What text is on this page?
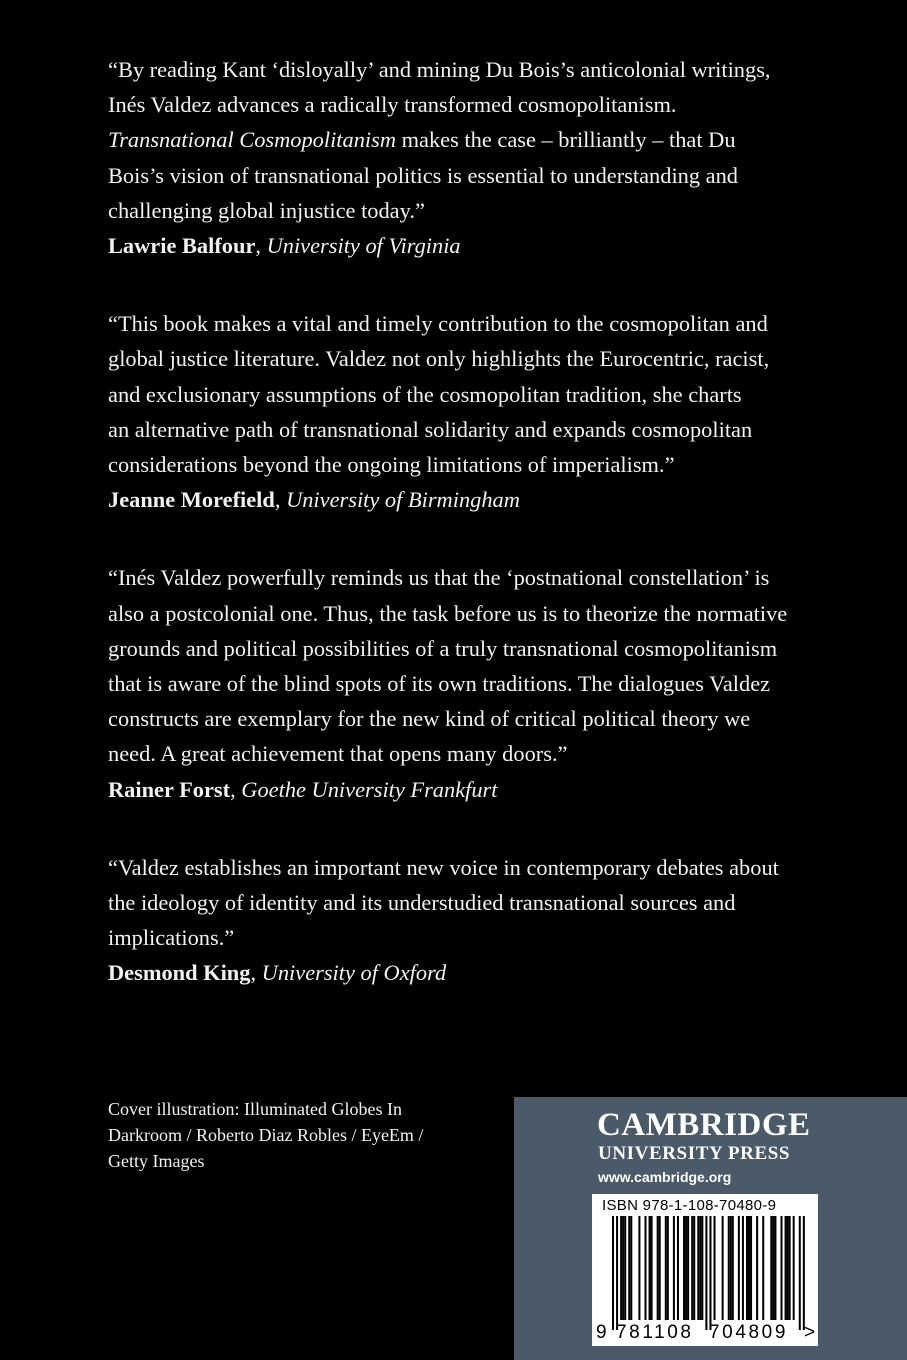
“By reading Kant ‘disloyally’ and mining Du Bois’s anticolonial writings,

Inés Valdez advances a radically transformed cosmopolitanism.

Transnational Cosmopolitanism makes the case – brilliantly – that Du

Bois’s vision of transnational politics is essential to understanding and

challenging global injustice today.”

Lawrie Balfour, University of Virginia

“This book makes a vital and timely contribution to the cosmopolitan and

global justice literature. Valdez not only highlights the Eurocentric, racist,

and exclusionary assumptions of the cosmopolitan tradition, she charts

an alternative path of transnational solidarity and expands cosmopolitan

considerations beyond the ongoing limitations of imperialism.”

Jeanne Morefield, University of Birmingham

“Inés Valdez powerfully reminds us that the ‘postnational constellation’ is

also a postcolonial one. Thus, the task before us is to theorize the normative

grounds and political possibilities of a truly transnational cosmopolitanism

that is aware of the blind spots of its own traditions. The dialogues Valdez

constructs are exemplary for the new kind of critical political theory we

need. A great achievement that opens many doors.”

Rainer Forst, Goethe University Frankfurt

“Valdez establishes an important new voice in contemporary debates about

the ideology of identity and its understudied transnational sources and

implications.”

Desmond King, University of Oxford

Cover illustration: Illuminated Globes In
Darkroom / Roberto Diaz Robles / EyeEm /
Getty Images
CAMBRIDGE
UNIVERSITY PRESS
www.cambridge.org
ISBN 978-1-108-70480-9
9 781108 704809 >
